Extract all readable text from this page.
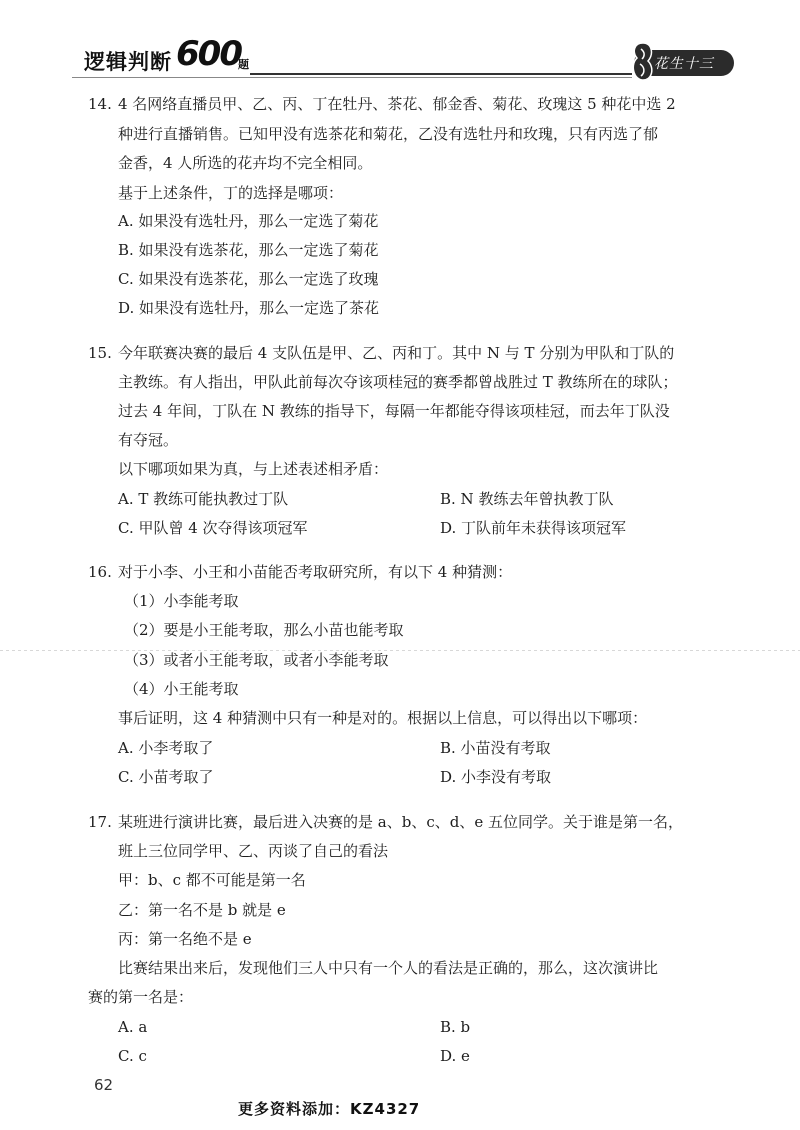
逻辑判断 600
题	花生十三
14. 4 名网络直播员甲、乙、丙、丁在牡丹、茶花、郁金香、菊花、玫瑰这 5 种花中选 2
种进行直播销售。已知甲没有选茶花和菊花，乙没有选牡丹和玫瑰，只有丙选了郁
金香，4 人所选的花卉均不完全相同。
基于上述条件，丁的选择是哪项：
A. 如果没有选牡丹，那么一定选了菊花
B. 如果没有选茶花，那么一定选了菊花
C. 如果没有选茶花，那么一定选了玫瑰
D. 如果没有选牡丹，那么一定选了茶花
15. 今年联赛决赛的最后 4 支队伍是甲、乙、丙和丁。其中 N 与 T 分别为甲队和丁队的
主教练。有人指出，甲队此前每次夺该项桂冠的赛季都曾战胜过 T 教练所在的球队；
过去 4 年间，丁队在 N 教练的指导下，每隔一年都能夺得该项桂冠，而去年丁队没
有夺冠。
以下哪项如果为真，与上述表述相矛盾：
A. T 教练可能执教过丁队	B. N 教练去年曾执教丁队
C. 甲队曾 4 次夺得该项冠军	D. 丁队前年未获得该项冠军
16. 对于小李、小王和小苗能否考取研究所，有以下 4 种猜测：
（1）小李能考取
（2）要是小王能考取，那么小苗也能考取
（3）或者小王能考取，或者小李能考取
（4）小王能考取
事后证明，这 4 种猜测中只有一种是对的。根据以上信息，可以得出以下哪项：
A. 小李考取了	B. 小苗没有考取
C. 小苗考取了	D. 小李没有考取
17. 某班进行演讲比赛，最后进入决赛的是 a、b、c、d、e 五位同学。关于谁是第一名，
班上三位同学甲、乙、丙谈了自己的看法
甲：b、c 都不可能是第一名
乙：第一名不是 b 就是 e
丙：第一名绝不是 e
比赛结果出来后，发现他们三人中只有一个人的看法是正确的，那么，这次演讲比
赛的第一名是：
A. a	B. b
C. c	D. e
62
更多资料添加：KZ4327
